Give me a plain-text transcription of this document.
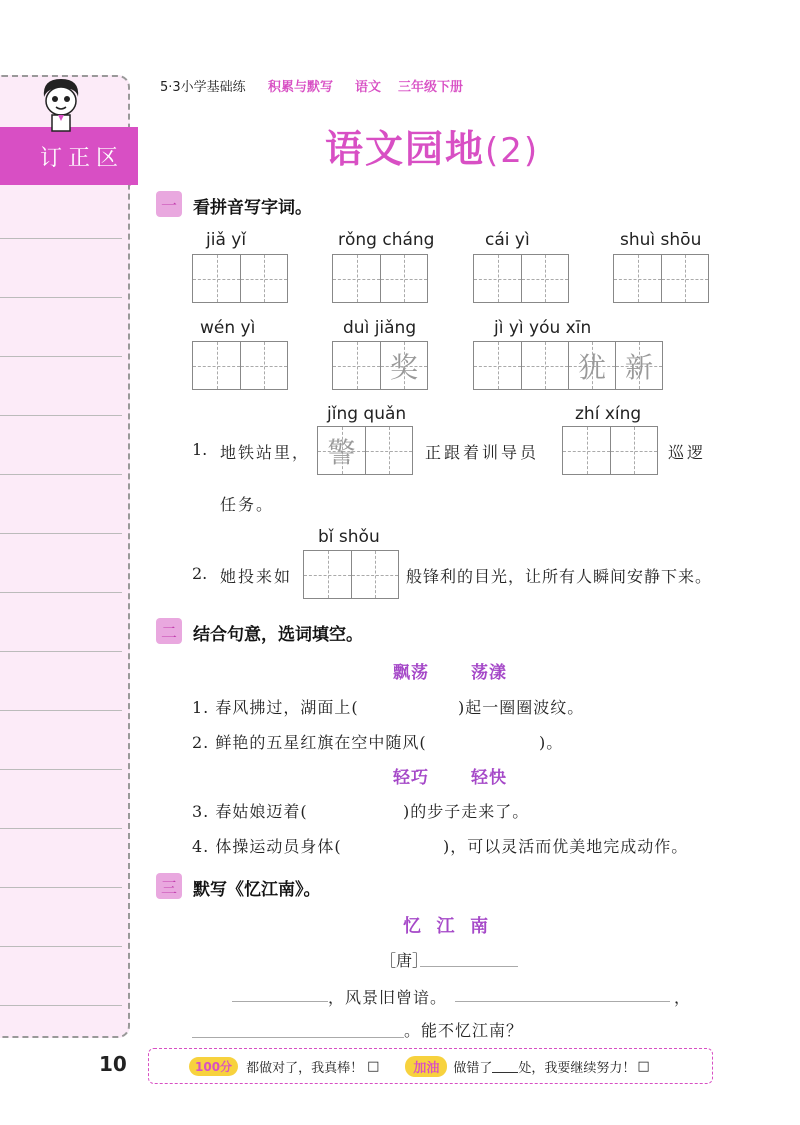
订正区
5·3小学基础练 积累与默写 语文 三年级下册
语文园地(2)
一 看拼音写字词。
jiǎ yǐ	rǒng cháng	cái yì	shuì shōu
wén yì	duì jiǎng
奖
jì yì yóu xīn
犹 新
jǐng quǎn	zhí xíng
1. 地铁站里， 警	正跟着训导员	巡逻
任务。
bǐ shǒu
2. 她投来如	般锋利的目光，让所有人瞬间安静下来。
二 结合句意，选词填空。
飘荡 荡漾
1. 春风拂过，湖面上(	)起一圈圈波纹。
2. 鲜艳的五星红旗在空中随风(	)。
轻巧 轻快
3. 春姑娘迈着(	)的步子走来了。
4. 体操运动员身体(	)，可以灵活而优美地完成动作。
三 默写《忆江南》。
忆  江  南
［唐］
，风景旧曾谙。	，
。能不忆江南？
10	100分	都做对了，我真棒！ □	加油	做错了 处，我要继续努力！ □
